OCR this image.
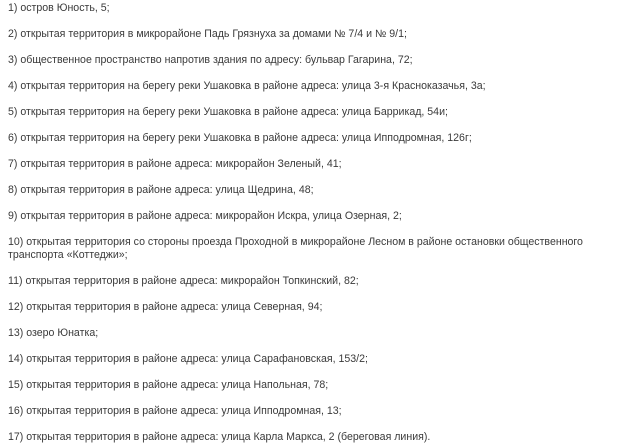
1) остров Юность, 5;

2) открытая территория в микрорайоне Падь Грязнуха за домами № 7/4 и № 9/1;

3) общественное пространство напротив здания по адресу: бульвар Гагарина, 72;

4) открытая территория на берегу реки Ушаковка в районе адреса: улица 3-я Красноказачья, 3а;

5) открытая территория на берегу реки Ушаковка в районе адреса: улица Баррикад, 54и;

6) открытая территория на берегу реки Ушаковка в районе адреса: улица Ипподромная, 126г;

7) открытая территория в районе адреса: микрорайон Зеленый, 41;

8) открытая территория в районе адреса: улица Щедрина, 48;

9) открытая территория в районе адреса: микрорайон Искра, улица Озерная, 2;

10) открытая территория со стороны проезда Проходной в микрорайоне Лесном в районе остановки общественного транспорта «Коттеджи»;

11) открытая территория в районе адреса: микрорайон Топкинский, 82;

12) открытая территория в районе адреса: улица Северная, 94;

13) озеро Юнатка;

14) открытая территория в районе адреса: улица Сарафановская, 153/2;

15) открытая территория в районе адреса: улица Напольная, 78;

16) открытая территория в районе адреса: улица Ипподромная, 13;

17) открытая территория в районе адреса: улица Карла Маркса, 2 (береговая линия).
